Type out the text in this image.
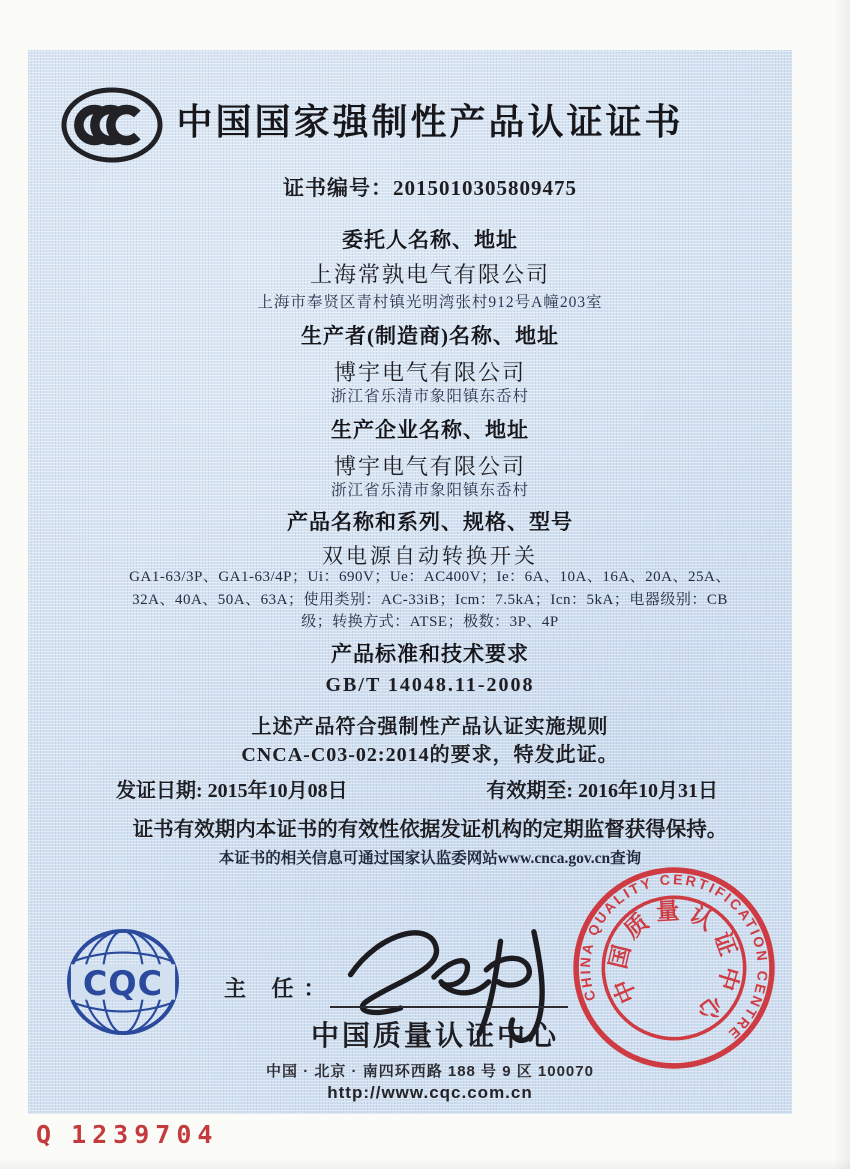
中国国家强制性产品认证证书
证书编号：2015010305809475
委托人名称、地址
上海常孰电气有限公司
上海市奉贤区青村镇光明湾张村912号A幢203室
生产者(制造商)名称、地址
博宇电气有限公司
浙江省乐清市象阳镇东岙村
生产企业名称、地址
博宇电气有限公司
浙江省乐清市象阳镇东岙村
产品名称和系列、规格、型号
双电源自动转换开关
GA1-63/3P、GA1-63/4P；Ui：690V；Ue：AC400V；Ie：6A、10A、16A、20A、25A、
32A、40A、50A、63A；使用类别：AC-33iB；Icm：7.5kA；Icn：5kA；电器级别：CB
级；转换方式：ATSE；极数：3P、4P
产品标准和技术要求
GB/T 14048.11-2008
上述产品符合强制性产品认证实施规则
CNCA-C03-02:2014的要求，特发此证。
发证日期: 2015年10月08日	有效期至: 2016年10月31日
证书有效期内本证书的有效性依据发证机构的定期监督获得保持。
本证书的相关信息可通过国家认监委网站www.cnca.gov.cn查询
CQC	主 任：
中国质量认证中心
中国 · 北京 · 南四环西路 188 号 9 区 100070
http://www.cqc.com.cn
CHINA QUALITY CERTIFICATION CENTRE
中国质量认证中心
Q 1239704
